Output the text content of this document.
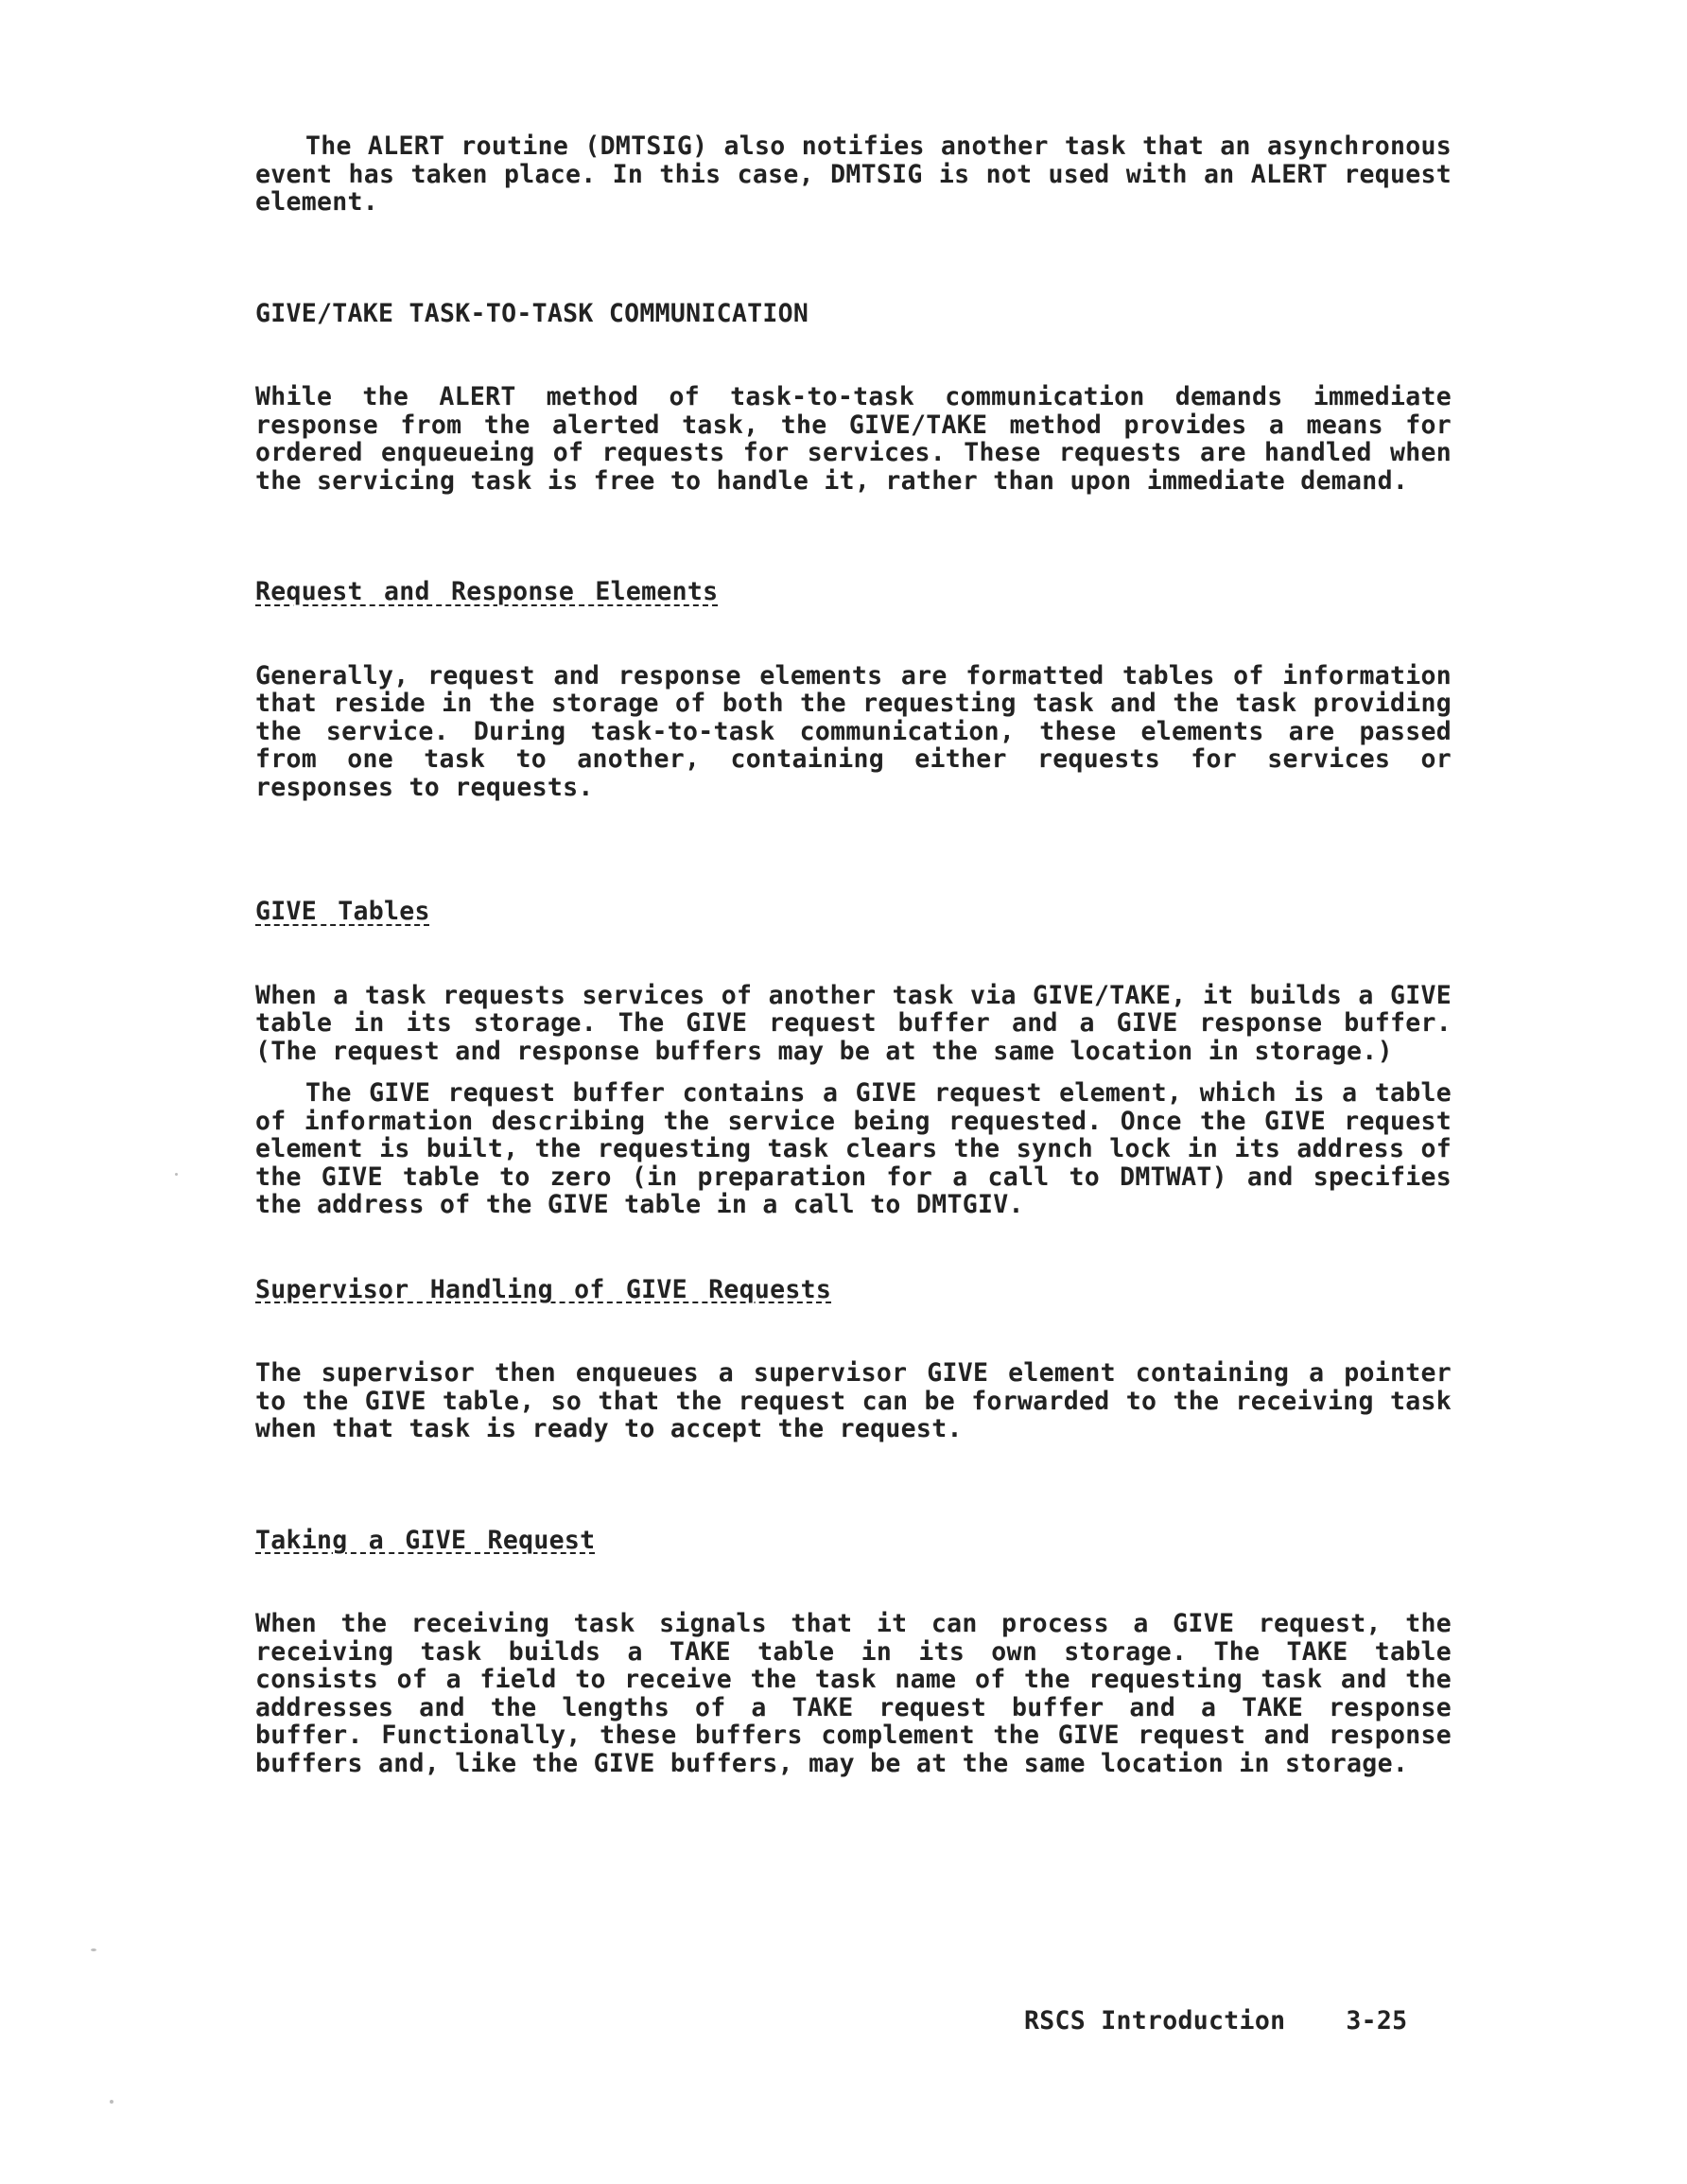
The ALERT routine (DMTSIG) also notifies another task that an asynchronous event has taken place. In this case, DMTSIG is not used with an ALERT request element.

GIVE/TAKE TASK-TO-TASK COMMUNICATION

While the ALERT method of task-to-task communication demands immediate response from the alerted task, the GIVE/TAKE method provides a means for ordered enqueueing of requests for services. These requests are handled when the servicing task is free to handle it, rather than upon immediate demand.

Request and Response Elements

Generally, request and response elements are formatted tables of information that reside in the storage of both the requesting task and the task providing the service. During task-to-task communication, these elements are passed from one task to another, containing either requests for services or responses to requests.

GIVE Tables

When a task requests services of another task via GIVE/TAKE, it builds a GIVE table in its storage. The GIVE request buffer and a GIVE response buffer. (The request and response buffers may be at the same location in storage.)

The GIVE request buffer contains a GIVE request element, which is a table of information describing the service being requested. Once the GIVE request element is built, the requesting task clears the synch lock in its address of the GIVE table to zero (in preparation for a call to DMTWAT) and specifies the address of the GIVE table in a call to DMTGIV.

Supervisor Handling of GIVE Requests

The supervisor then enqueues a supervisor GIVE element containing a pointer to the GIVE table, so that the request can be forwarded to the receiving task when that task is ready to accept the request.

Taking a GIVE Request

When the receiving task signals that it can process a GIVE request, the receiving task builds a TAKE table in its own storage. The TAKE table consists of a field to receive the task name of the requesting task and the addresses and the lengths of a TAKE request buffer and a TAKE response buffer. Functionally, these buffers complement the GIVE request and response buffers and, like the GIVE buffers, may be at the same location in storage.

RSCS Introduction 3-25
